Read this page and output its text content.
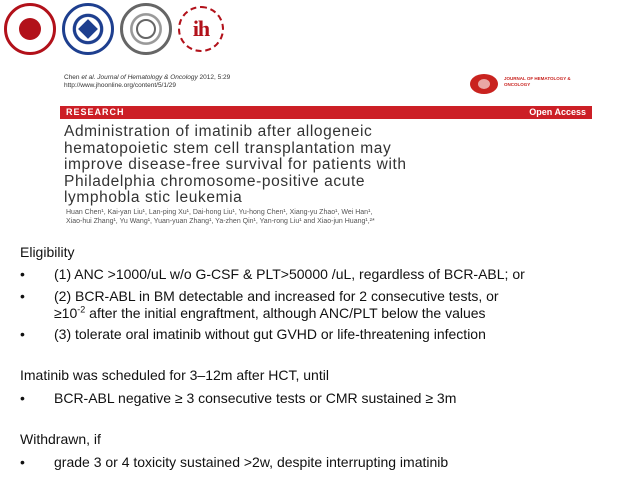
ih
Chen et al. Journal of Hematology & Oncology 2012, 5:29
http://www.jhoonline.org/content/5/1/29
JOURNAL OF HEMATOLOGY & ONCOLOGY
RESEARCH	Open Access
Administration of imatinib after allogeneic
hematopoietic stem cell transplantation may
improve disease-free survival for patients with
Philadelphia chromosome-positive acute
lymphobla stic leukemia
Huan Chen¹, Kai-yan Liu¹, Lan-ping Xu¹, Dai-hong Liu¹, Yu-hong Chen¹, Xiang-yu Zhao¹, Wei Han¹,
Xiao-hui Zhang¹, Yu Wang¹, Yuan-yuan Zhang¹, Ya-zhen Qin¹, Yan-rong Liu¹ and Xiao-jun Huang¹,²*
Eligibility
•	(1) ANC >1000/uL w/o G-CSF & PLT>50000 /uL, regardless of BCR-ABL; or
•	(2) BCR-ABL in BM detectable and increased for 2 consecutive tests, or
$\ge 10^{-2}$ after the initial engraftment, although ANC/PLT below the values
•	(3) tolerate oral imatinib without gut GVHD or life-threatening infection
Imatinib was scheduled for 3–12m after HCT, until
•	BCR-ABL negative ≥ 3 consecutive tests or CMR sustained ≥ 3m
Withdrawn, if
•	grade 3 or 4 toxicity sustained >2w, despite interrupting imatinib
